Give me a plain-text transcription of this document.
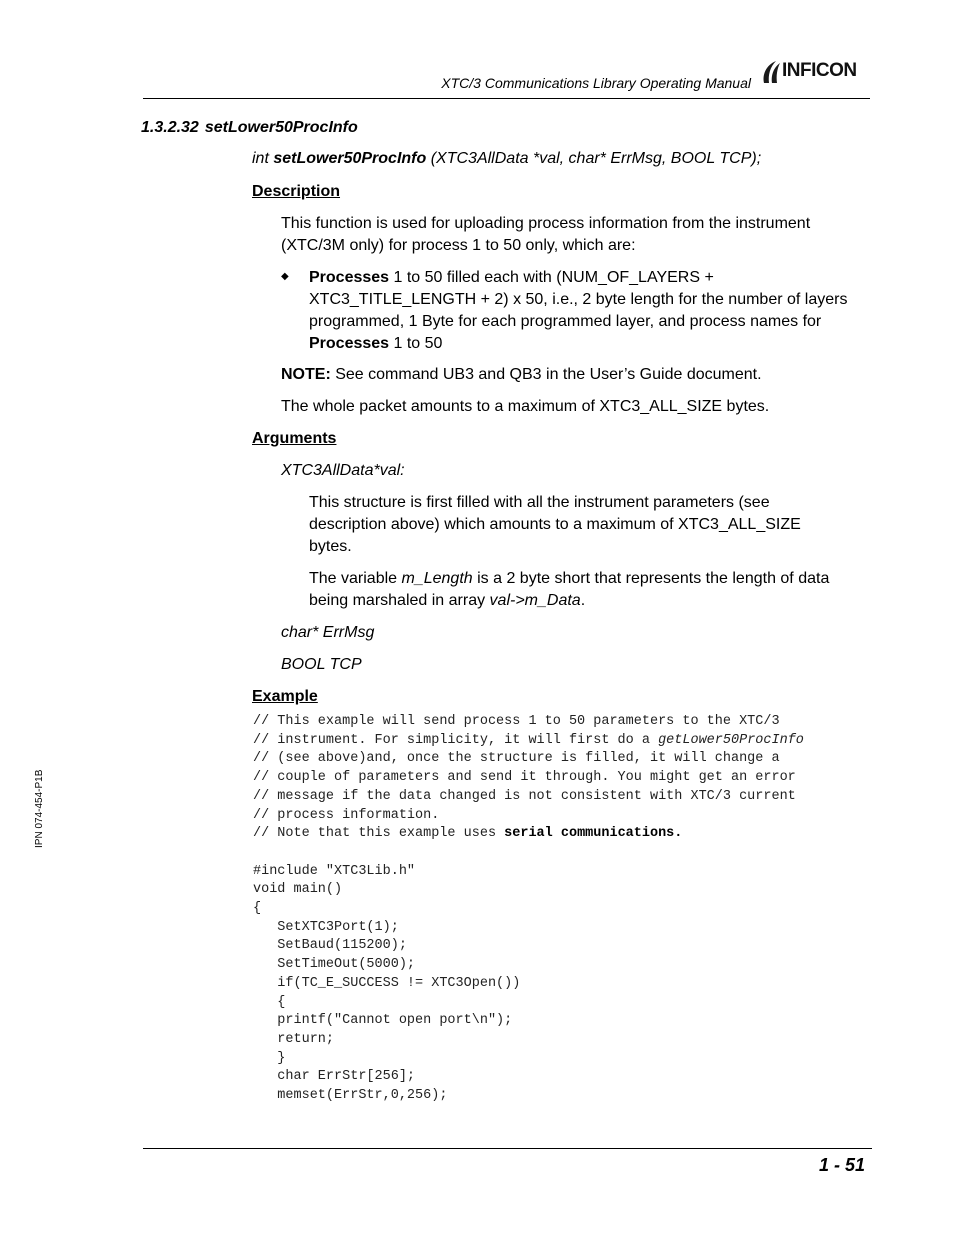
XTC/3 Communications Library Operating Manual
INFICON
IPN 074-454-P1B
1.3.2.32 setLower50ProcInfo
int setLower50ProcInfo (XTC3AllData *val, char* ErrMsg, BOOL TCP);
Description
This function is used for uploading process information from the instrument
(XTC/3M only) for process 1 to 50 only, which are:
◆ Processes 1 to 50 filled each with (NUM_OF_LAYERS +
XTC3_TITLE_LENGTH + 2) x 50, i.e., 2 byte length for the number of layers
programmed, 1 Byte for each programmed layer, and process names for
Processes 1 to 50
NOTE: See command UB3 and QB3 in the User’s Guide document.
The whole packet amounts to a maximum of XTC3_ALL_SIZE bytes.
Arguments
XTC3AllData*val:
This structure is first filled with all the instrument parameters (see
description above) which amounts to a maximum of XTC3_ALL_SIZE
bytes.
The variable m_Length is a 2 byte short that represents the length of data
being marshaled in array val->m_Data.
char* ErrMsg
BOOL TCP
Example
// This example will send process 1 to 50 parameters to the XTC/3
// instrument. For simplicity, it will first do a getLower50ProcInfo
// (see above)and, once the structure is filled, it will change a
// couple of parameters and send it through. You might get an error
// message if the data changed is not consistent with XTC/3 current
// process information.
// Note that this example uses serial communications.

#include "XTC3Lib.h"
void main()
{
SetXTC3Port(1);
SetBaud(115200);
SetTimeOut(5000);
if(TC_E_SUCCESS != XTC3Open())
{
printf("Cannot open port\n");
return;
}
char ErrStr[256];
memset(ErrStr,0,256);
1 - 51
